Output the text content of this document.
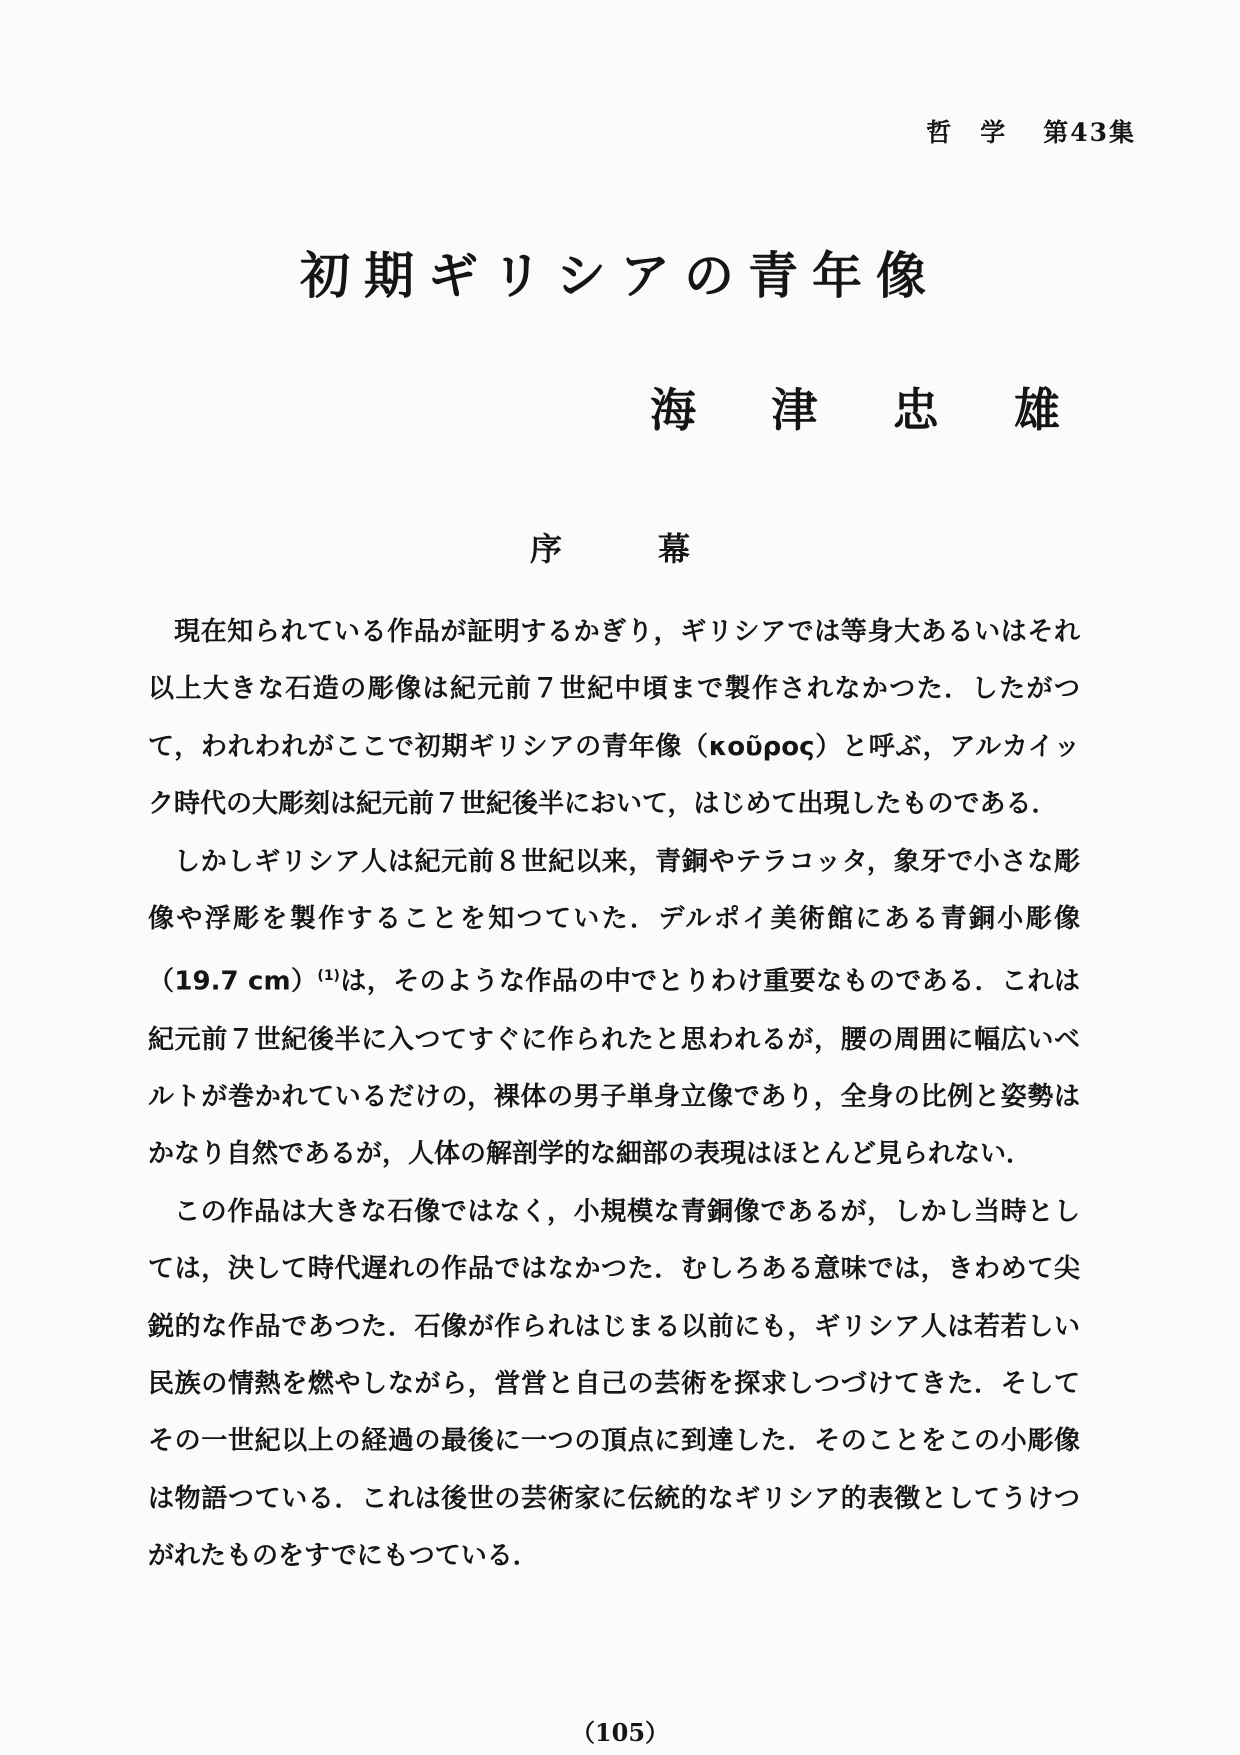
哲　学 第43集
初期ギリシアの青年像
海 津 忠 雄
序	幕

現在知られている作品が証明するかぎり，ギリシアでは等身大あるいはそれ以上大きな石造の彫像は紀元前７世紀中頃まで製作されなかつた．したがつて，われわれがここで初期ギリシアの青年像（κοῦρος）と呼ぶ，アルカイック時代の大彫刻は紀元前７世紀後半において，はじめて出現したものである．

しかしギリシア人は紀元前８世紀以来，青銅やテラコッタ，象牙で小さな彫像や浮彫を製作することを知つていた．デルポイ美術館にある青銅小彫像（19.7 cm）$^{(1)}$は，そのような作品の中でとりわけ重要なものである．これは紀元前７世紀後半に入つてすぐに作られたと思われるが，腰の周囲に幅広いベルトが巻かれているだけの，裸体の男子単身立像であり，全身の比例と姿勢はかなり自然であるが，人体の解剖学的な細部の表現はほとんど見られない．

この作品は大きな石像ではなく，小規模な青銅像であるが，しかし当時としては，決して時代遅れの作品ではなかつた．むしろある意味では，きわめて尖鋭的な作品であつた．石像が作られはじまる以前にも，ギリシア人は若若しい民族の情熱を燃やしながら，営営と自己の芸術を探求しつづけてきた．そしてその一世紀以上の経過の最後に一つの頂点に到達した．そのことをこの小彫像は物語つている．これは後世の芸術家に伝統的なギリシア的表徴としてうけつがれたものをすでにもつている．

（105）
